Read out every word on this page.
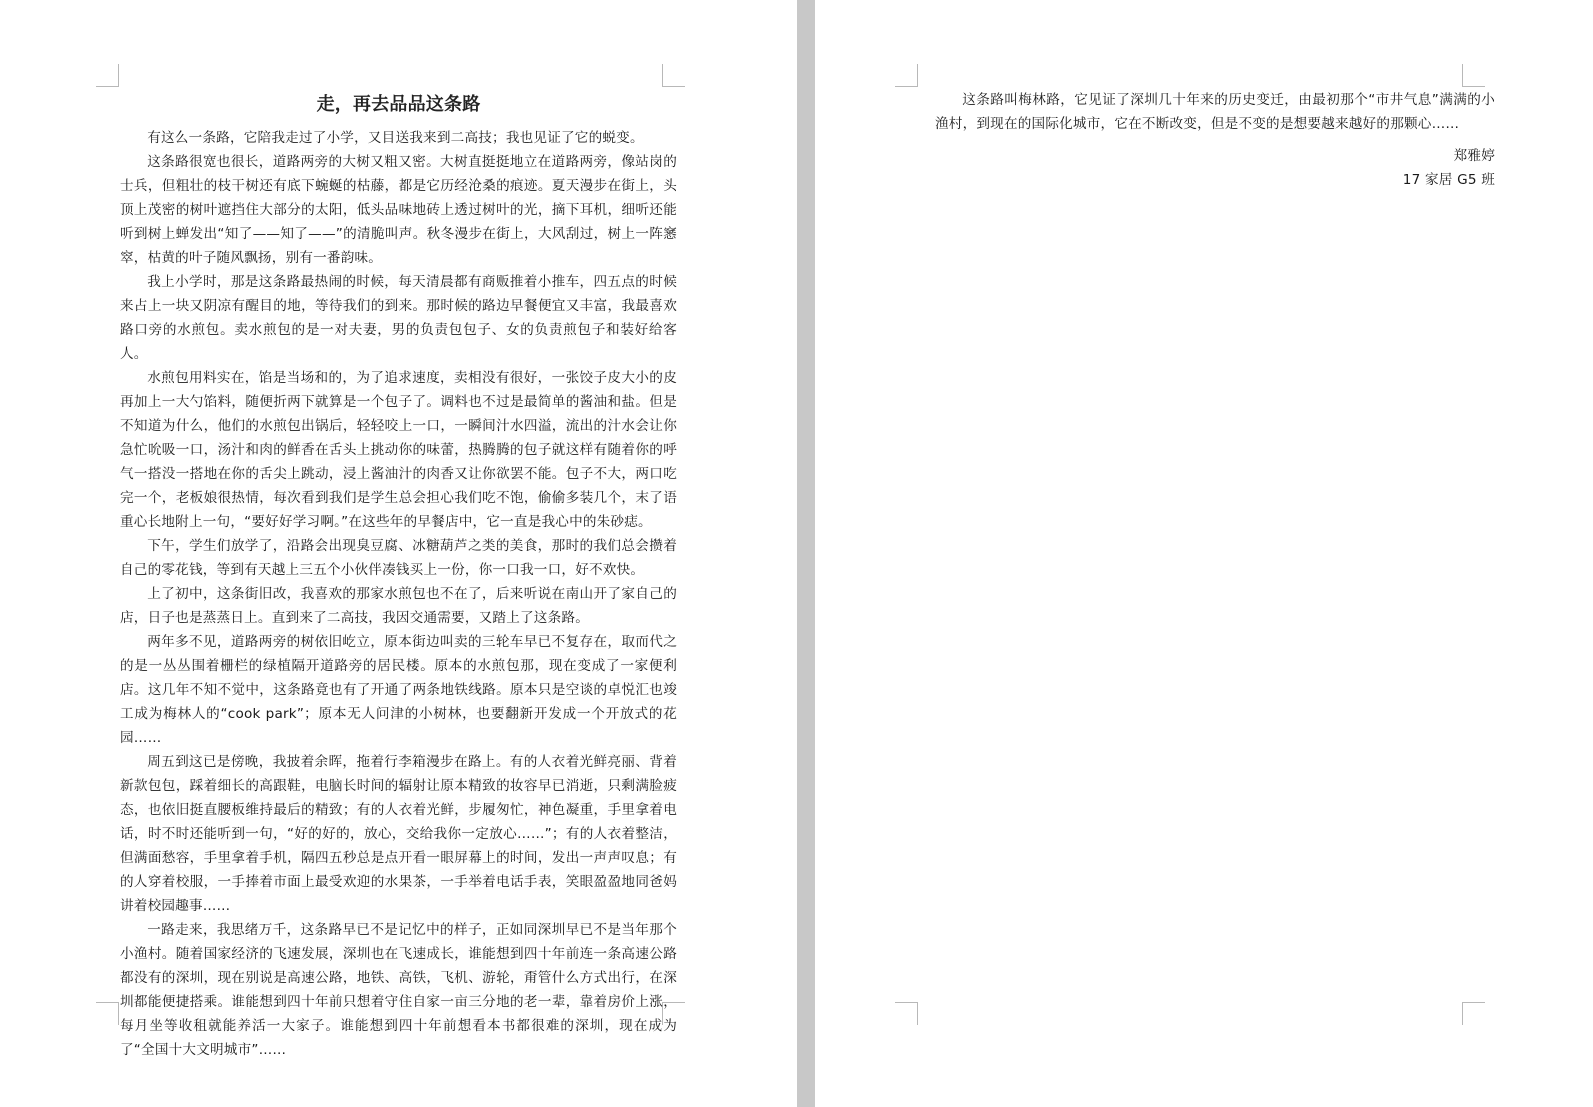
走，再去品品这条路

有这么一条路，它陪我走过了小学，又目送我来到二高技；我也见证了它的蜕变。

这条路很宽也很长，道路两旁的大树又粗又密。大树直挺挺地立在道路两旁，像站岗的士兵，但粗壮的枝干树还有底下蜿蜒的枯藤，都是它历经沧桑的痕迹。夏天漫步在街上，头顶上茂密的树叶遮挡住大部分的太阳，低头品味地砖上透过树叶的光，摘下耳机，细听还能听到树上蝉发出“知了——知了——”的清脆叫声。秋冬漫步在街上，大风刮过，树上一阵窸窣，枯黄的叶子随风飘扬，别有一番韵味。

我上小学时，那是这条路最热闹的时候，每天清晨都有商贩推着小推车，四五点的时候来占上一块又阴凉有醒目的地，等待我们的到来。那时候的路边早餐便宜又丰富，我最喜欢路口旁的水煎包。卖水煎包的是一对夫妻，男的负责包包子、女的负责煎包子和装好给客人。

水煎包用料实在，馅是当场和的，为了追求速度，卖相没有很好，一张饺子皮大小的皮再加上一大勺馅料，随便折两下就算是一个包子了。调料也不过是最简单的酱油和盐。但是不知道为什么，他们的水煎包出锅后，轻轻咬上一口，一瞬间汁水四溢，流出的汁水会让你急忙吮吸一口，汤汁和肉的鲜香在舌头上挑动你的味蕾，热腾腾的包子就这样有随着你的呼气一搭没一搭地在你的舌尖上跳动，浸上酱油汁的肉香又让你欲罢不能。包子不大，两口吃完一个，老板娘很热情，每次看到我们是学生总会担心我们吃不饱，偷偷多装几个，末了语重心长地附上一句，“要好好学习啊。”在这些年的早餐店中，它一直是我心中的朱砂痣。

下午，学生们放学了，沿路会出现臭豆腐、冰糖葫芦之类的美食，那时的我们总会攒着自己的零花钱，等到有天越上三五个小伙伴凑钱买上一份，你一口我一口，好不欢快。

上了初中，这条街旧改，我喜欢的那家水煎包也不在了，后来听说在南山开了家自己的店，日子也是蒸蒸日上。直到来了二高技，我因交通需要，又踏上了这条路。

两年多不见，道路两旁的树依旧屹立，原本街边叫卖的三轮车早已不复存在，取而代之的是一丛丛围着栅栏的绿植隔开道路旁的居民楼。原本的水煎包那，现在变成了一家便利店。这几年不知不觉中，这条路竟也有了开通了两条地铁线路。原本只是空谈的卓悦汇也竣工成为梅林人的“cook park”；原本无人问津的小树林，也要翻新开发成一个开放式的花园……

周五到这已是傍晚，我披着余晖，拖着行李箱漫步在路上。有的人衣着光鲜亮丽、背着新款包包，踩着细长的高跟鞋，电脑长时间的辐射让原本精致的妆容早已消逝，只剩满脸疲态，也依旧挺直腰板维持最后的精致；有的人衣着光鲜，步履匆忙，神色凝重，手里拿着电话，时不时还能听到一句，“好的好的，放心，交给我你一定放心……”；有的人衣着整洁，但满面愁容，手里拿着手机，隔四五秒总是点开看一眼屏幕上的时间，发出一声声叹息；有的人穿着校服，一手捧着市面上最受欢迎的水果茶，一手举着电话手表，笑眼盈盈地同爸妈讲着校园趣事……

一路走来，我思绪万千，这条路早已不是记忆中的样子，正如同深圳早已不是当年那个小渔村。随着国家经济的飞速发展，深圳也在飞速成长，谁能想到四十年前连一条高速公路都没有的深圳，现在别说是高速公路，地铁、高铁，飞机、游轮，甭管什么方式出行，在深圳都能便捷搭乘。谁能想到四十年前只想着守住自家一亩三分地的老一辈，靠着房价上涨，每月坐等收租就能养活一大家子。谁能想到四十年前想看本书都很难的深圳，现在成为了“全国十大文明城市”……

这条路叫梅林路，它见证了深圳几十年来的历史变迁，由最初那个“市井气息”满满的小渔村，到现在的国际化城市，它在不断改变，但是不变的是想要越来越好的那颗心……

郑雅婷
17 家居 G5 班
